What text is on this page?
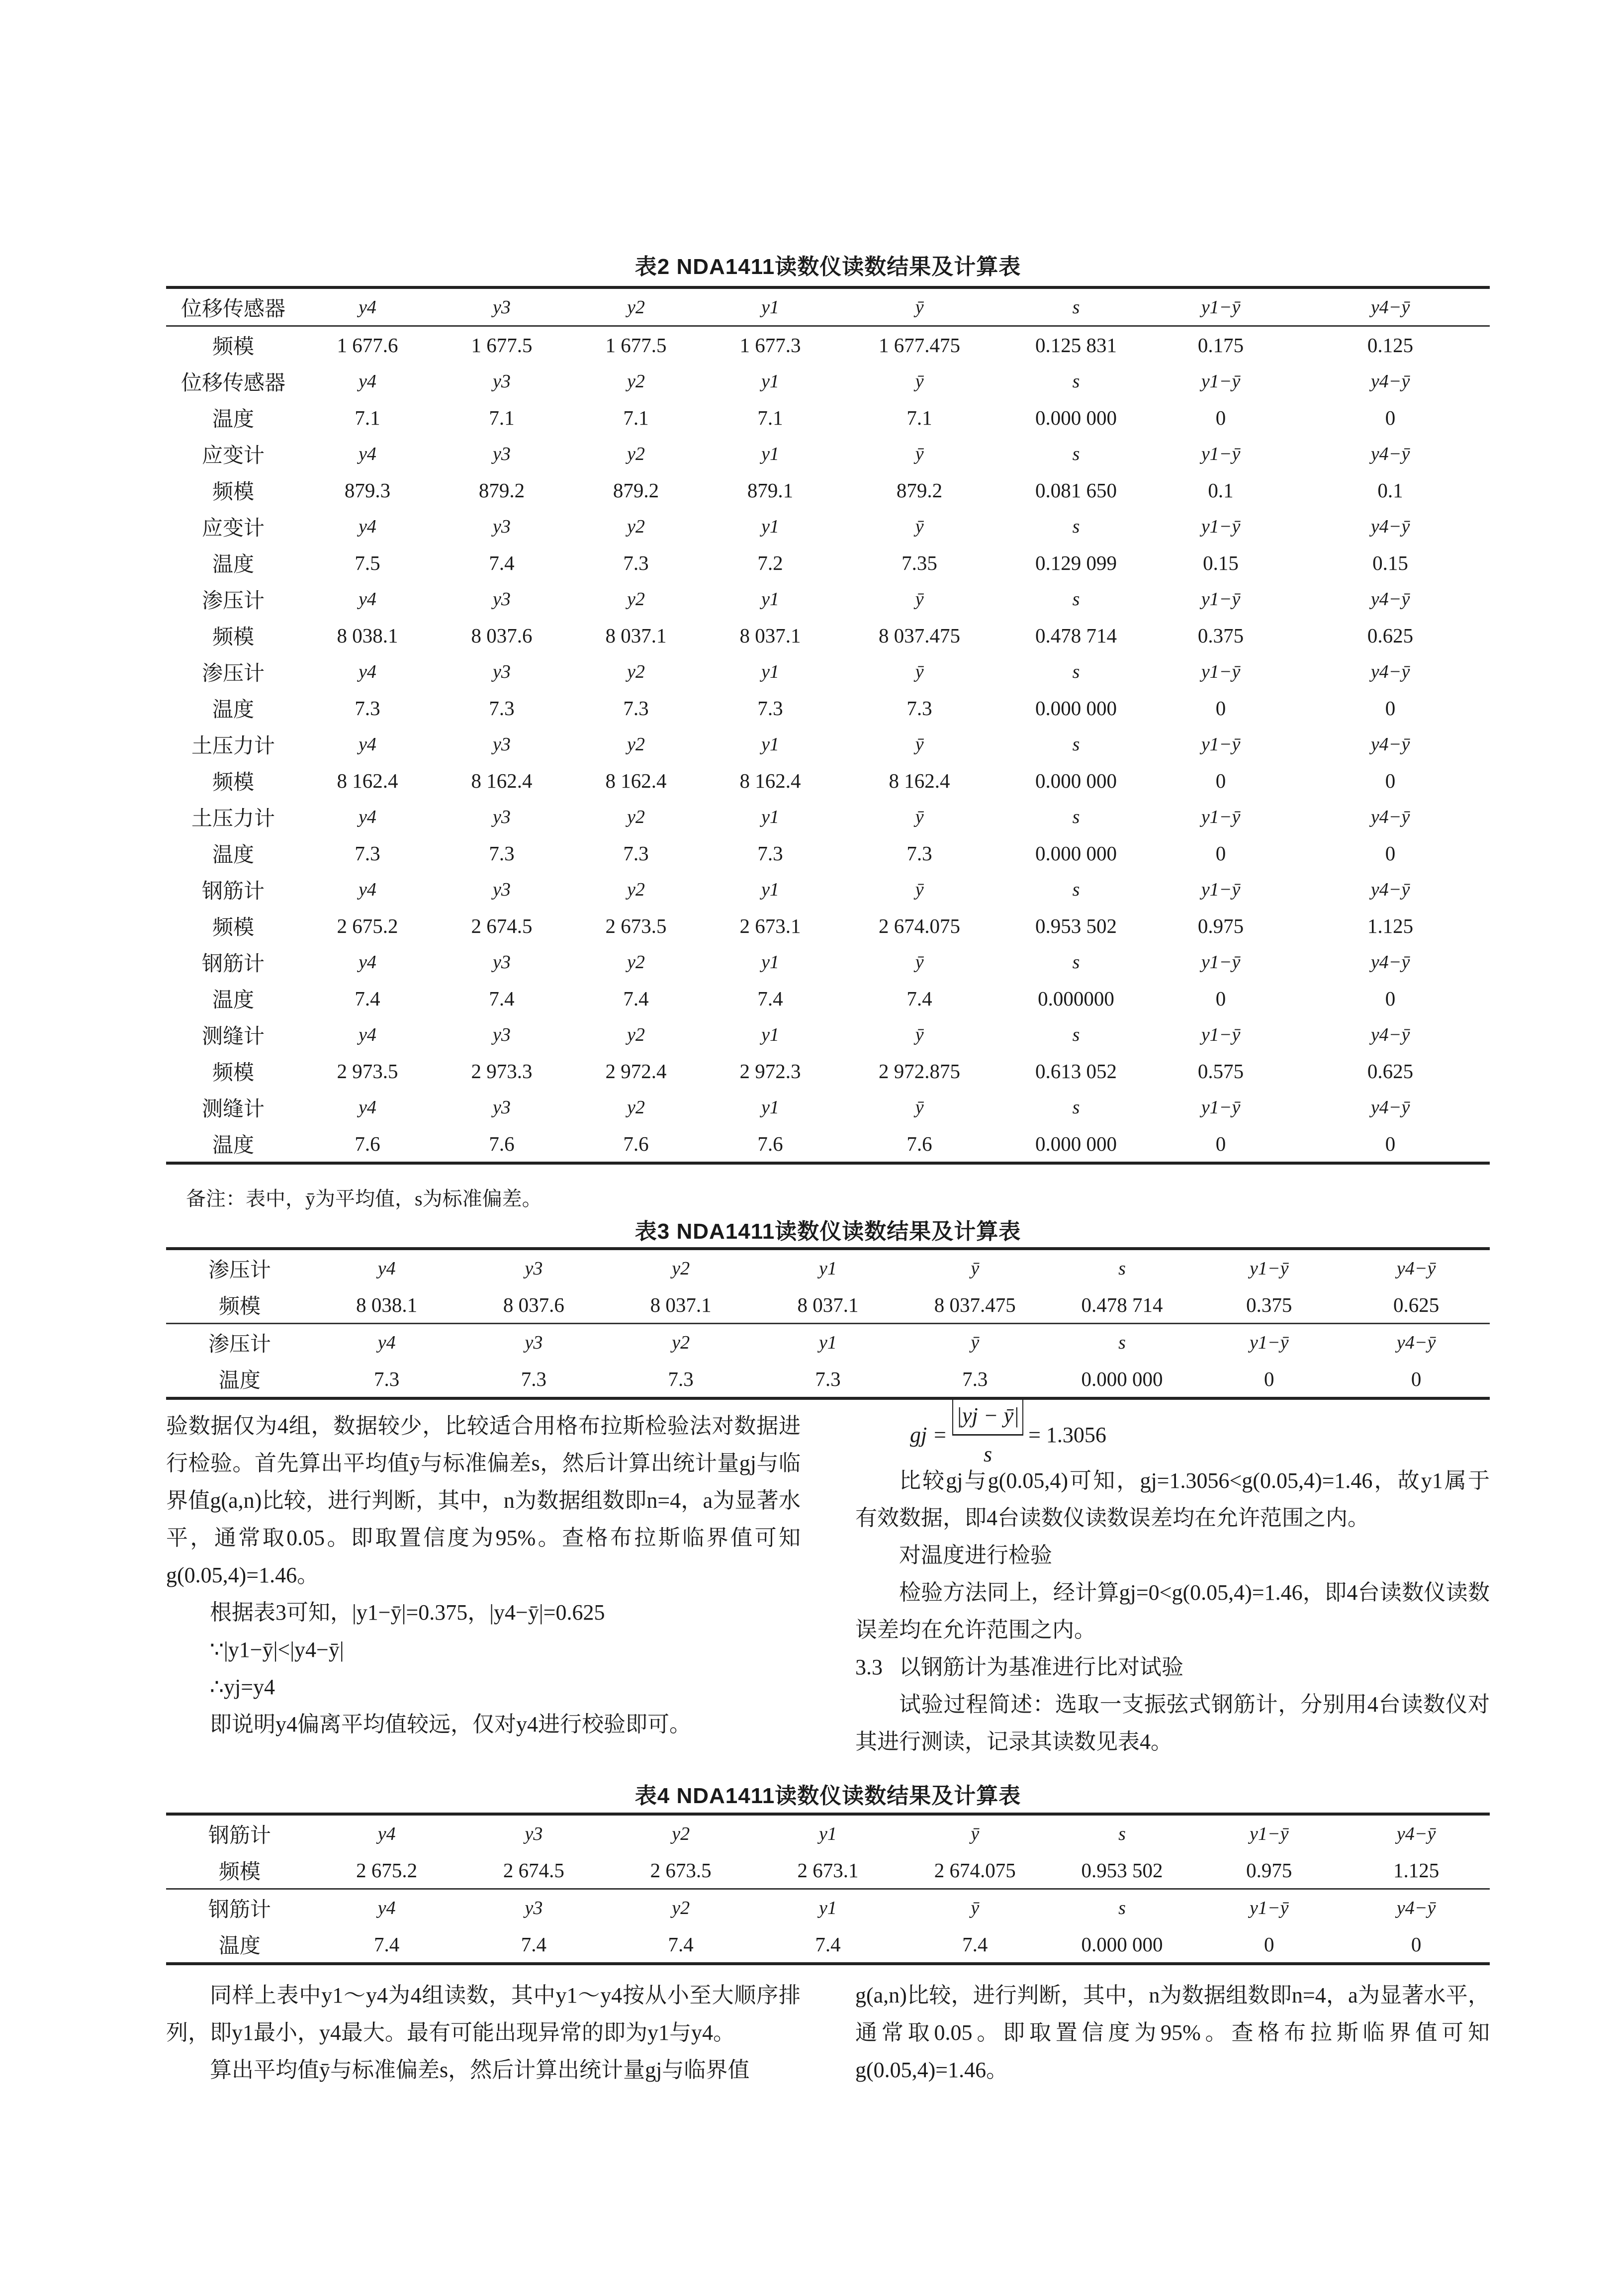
表2 NDA1411读数仪读数结果及计算表
位移传感器	y4	y3	y2	y1	ȳ	s	y1−ȳ	y4−ȳ
频模	1 677.6	1 677.5	1 677.5	1 677.3	1 677.475	0.125 831	0.175	0.125
位移传感器	y4	y3	y2	y1	ȳ	s	y1−ȳ	y4−ȳ
温度	7.1	7.1	7.1	7.1	7.1	0.000 000	0	0
应变计	y4	y3	y2	y1	ȳ	s	y1−ȳ	y4−ȳ
频模	879.3	879.2	879.2	879.1	879.2	0.081 650	0.1	0.1
应变计	y4	y3	y2	y1	ȳ	s	y1−ȳ	y4−ȳ
温度	7.5	7.4	7.3	7.2	7.35	0.129 099	0.15	0.15
渗压计	y4	y3	y2	y1	ȳ	s	y1−ȳ	y4−ȳ
频模	8 038.1	8 037.6	8 037.1	8 037.1	8 037.475	0.478 714	0.375	0.625
渗压计	y4	y3	y2	y1	ȳ	s	y1−ȳ	y4−ȳ
温度	7.3	7.3	7.3	7.3	7.3	0.000 000	0	0
土压力计	y4	y3	y2	y1	ȳ	s	y1−ȳ	y4−ȳ
频模	8 162.4	8 162.4	8 162.4	8 162.4	8 162.4	0.000 000	0	0
土压力计	y4	y3	y2	y1	ȳ	s	y1−ȳ	y4−ȳ
温度	7.3	7.3	7.3	7.3	7.3	0.000 000	0	0
钢筋计	y4	y3	y2	y1	ȳ	s	y1−ȳ	y4−ȳ
频模	2 675.2	2 674.5	2 673.5	2 673.1	2 674.075	0.953 502	0.975	1.125
钢筋计	y4	y3	y2	y1	ȳ	s	y1−ȳ	y4−ȳ
温度	7.4	7.4	7.4	7.4	7.4	0.000000	0	0
测缝计	y4	y3	y2	y1	ȳ	s	y1−ȳ	y4−ȳ
频模	2 973.5	2 973.3	2 972.4	2 972.3	2 972.875	0.613 052	0.575	0.625
测缝计	y4	y3	y2	y1	ȳ	s	y1−ȳ	y4−ȳ
温度	7.6	7.6	7.6	7.6	7.6	0.000 000	0	0
备注：表中，ȳ为平均值，s为标准偏差。
表3 NDA1411读数仪读数结果及计算表
渗压计	y4	y3	y2	y1	ȳ	s	y1−ȳ	y4−ȳ
频模	8 038.1	8 037.6	8 037.1	8 037.1	8 037.475	0.478 714	0.375	0.625
渗压计	y4	y3	y2	y1	ȳ	s	y1−ȳ	y4−ȳ
温度	7.3	7.3	7.3	7.3	7.3	0.000 000	0	0

验数据仅为4组，数据较少，比较适合用格布拉斯检验法对数据进行检验。首先算出平均值ȳ与标准偏差s，然后计算出统计量gj与临界值g(a,n)比较，进行判断，其中，n为数据组数即n=4，a为显著水平，通常取0.05。即取置信度为95%。查格布拉斯临界值可知g(0.05,4)=1.46。

根据表3可知，|y1−ȳ|=0.375，|y4−ȳ|=0.625

∵|y1−ȳ|<|y4−ȳ|

∴yj=y4

即说明y4偏离平均值较远，仅对y4进行校验即可。

gj = $\frac{|yj - ȳ|}{s} = 1.3056$

比较gj与g(0.05,4)可知，gj=1.3056<g(0.05,4)=1.46，故y1属于有效数据，即4台读数仪读数误差均在允许范围之内。

对温度进行检验

检验方法同上，经计算gj=0<g(0.05,4)=1.46，即4台读数仪读数误差均在允许范围之内。

3.3 以钢筋计为基准进行比对试验

试验过程简述：选取一支振弦式钢筋计，分别用4台读数仪对其进行测读，记录其读数见表4。

表4 NDA1411读数仪读数结果及计算表
钢筋计	y4	y3	y2	y1	ȳ	s	y1−ȳ	y4−ȳ
频模	2 675.2	2 674.5	2 673.5	2 673.1	2 674.075	0.953 502	0.975	1.125
钢筋计	y4	y3	y2	y1	ȳ	s	y1−ȳ	y4−ȳ
温度	7.4	7.4	7.4	7.4	7.4	0.000 000	0	0

同样上表中y1～y4为4组读数，其中y1～y4按从小至大顺序排列，即y1最小，y4最大。最有可能出现异常的即为y1与y4。

算出平均值ȳ与标准偏差s，然后计算出统计量gj与临界值

g(a,n)比较，进行判断，其中，n为数据组数即n=4，a为显著水平，通常取0.05。即取置信度为95%。查格布拉斯临界值可知g(0.05,4)=1.46。
